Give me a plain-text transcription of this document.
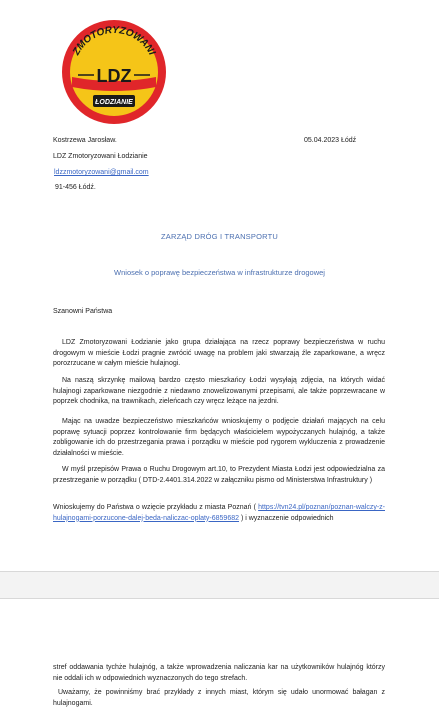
ZMOTORYZOWANI
LDZ
ŁODZIANIE
Kostrzewa Jarosław.	05.04.2023 Łódź
LDZ Zmotoryzowani Łodzianie
ldzzmotoryzowani@gmail.com
91-456 Łódź.
ZARZĄD DRÓG I TRANSPORTU
Wniosek o poprawę bezpieczeństwa w infrastrukturze drogowej
Szanowni Państwa
LDZ Zmotoryzowani Łodzianie jako grupa działająca na rzecz poprawy bezpieczeństwa w ruchu drogowym w mieście Łodzi pragnie zwrócić uwagę na problem jaki stwarzają źle zaparkowane, a wręcz porozrzucane w całym mieście hulajnogi.
Na naszą skrzynkę mailową bardzo często mieszkańcy Łodzi wysyłają zdjęcia, na których widać hulajnogi zaparkowane niezgodnie z niedawno znowelizowanymi przepisami, ale także poprzewracane w poprzek chodnika, na trawnikach, zieleńcach czy wręcz leżące na jezdni.
Mając na uwadze bezpieczeństwo mieszkańców wnioskujemy o podjęcie działań mających na celu poprawę sytuacji poprzez kontrolowanie firm będących właścicielem wypożyczanych hulajnóg, a także zobligowanie ich do przestrzegania prawa i porządku w mieście pod rygorem wykluczenia z prowadzenie działalności w mieście.
W myśl przepisów Prawa o Ruchu Drogowym art.10, to Prezydent Miasta Łodzi jest odpowiedzialna za przestrzeganie w porządku ( DTD-2.4401.314.2022 w załączniku pismo od Ministerstwa Infrastruktury )
Wnioskujemy do Państwa o wzięcie przykładu z miasta Poznań ( https://tvn24.pl/poznan/poznan-walczy-z-hulajnogami-porzucone-dalej-beda-naliczac-oplaty-6859682 ) i wyznaczenie odpowiednich
stref oddawania tychże hulajnóg, a także wprowadzenia naliczania kar na użytkowników hulajnóg którzy nie oddali ich w odpowiednich wyznaczonych do tego strefach.
Uważamy, że powinniśmy brać przykłady z innych miast, którym się udało unormować bałagan z hulajnogami.
